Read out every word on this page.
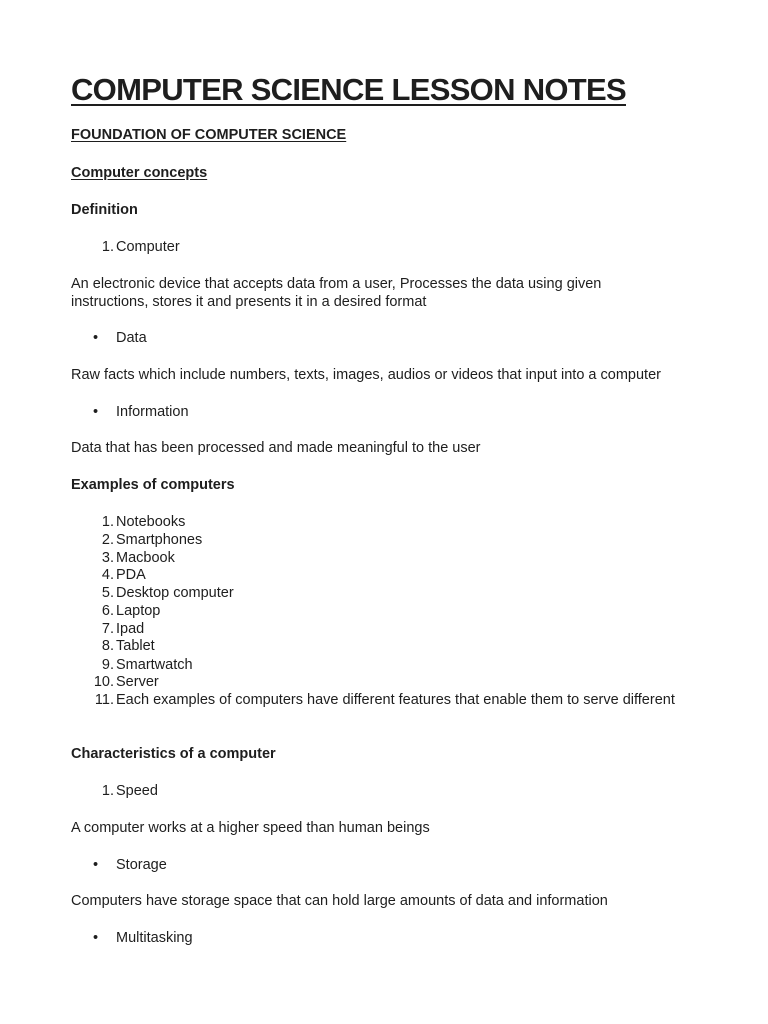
COMPUTER SCIENCE LESSON NOTES
FOUNDATION OF COMPUTER SCIENCE
Computer concepts
Definition
1. Computer
An electronic device that accepts data from a user, Processes the data using given instructions, stores it and presents it in a desired format
• Data
Raw facts which include numbers, texts, images, audios or videos that input into a computer
• Information
Data that has been processed and made meaningful to the user
Examples of computers
1. Notebooks
2. Smartphones
3. Macbook
4. PDA
5. Desktop computer
6. Laptop
7. Ipad
8. Tablet
9. Smartwatch
10. Server
11. Each examples of computers have different features that enable them to serve different
Characteristics of a computer
1. Speed
A computer works at a higher speed than human beings
• Storage
Computers have storage space that can hold large amounts of data and information
• Multitasking
